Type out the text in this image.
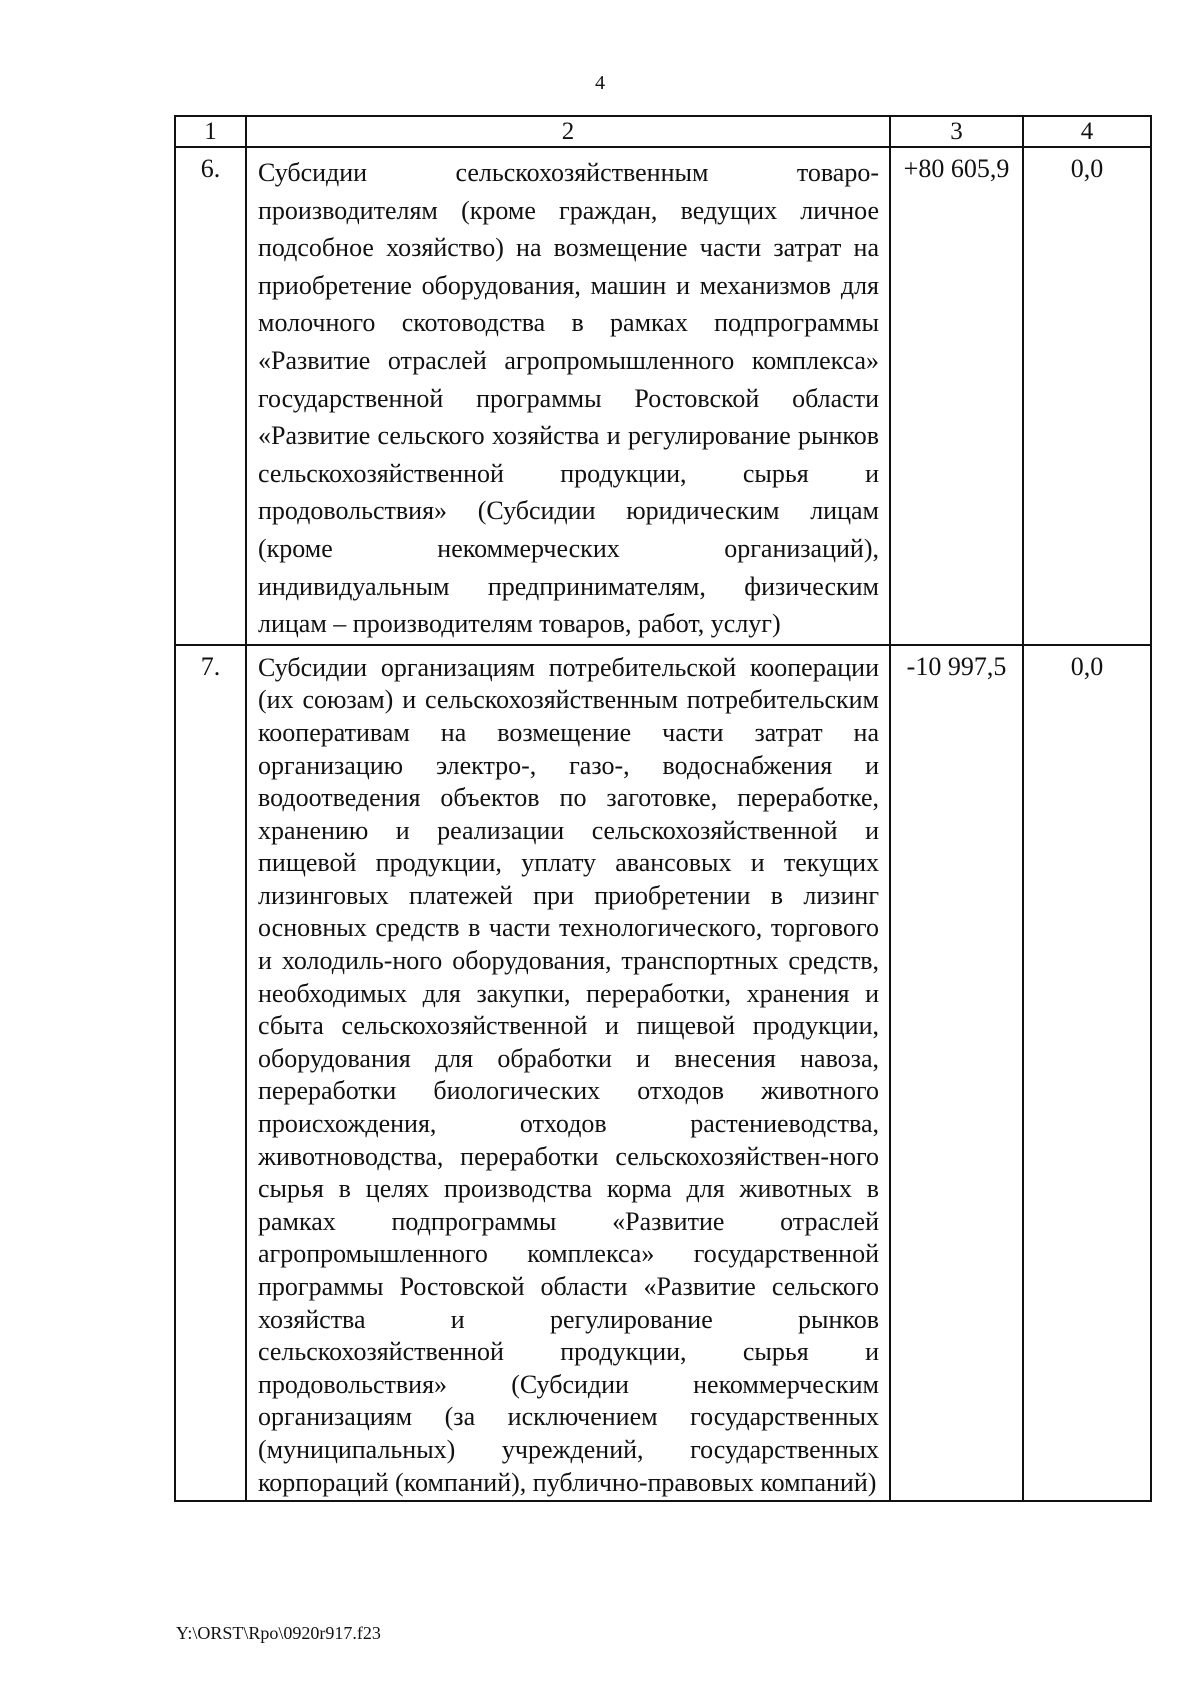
4
1	2	3	4
6.	Субсидии сельскохозяйственным товаро-производителям (кроме граждан, ведущих личное подсобное хозяйство) на возмещение части затрат на приобретение оборудования, машин и механизмов для молочного скотоводства в рамках подпрограммы «Развитие отраслей агропромышленного комплекса» государственной программы Ростовской области «Развитие сельского хозяйства и регулирование рынков сельскохозяйственной продукции, сырья и продовольствия» (Субсидии юридическим лицам (кроме некоммерческих организаций), индивидуальным предпринимателям, физическим лицам – производителям товаров, работ, услуг)	+80 605,9	0,0
7.	Субсидии организациям потребительской кооперации (их союзам) и сельскохозяйственным потребительским кооперативам на возмещение части затрат на организацию электро-, газо-, водоснабжения и водоотведения объектов по заготовке, переработке, хранению и реализации сельскохозяйственной и пищевой продукции, уплату авансовых и текущих лизинговых платежей при приобретении в лизинг основных средств в части технологического, торгового и холодиль-ного оборудования, транспортных средств, необходимых для закупки, переработки, хранения и сбыта сельскохозяйственной и пищевой продукции, оборудования для обработки и внесения навоза, переработки биологических отходов животного происхождения, отходов растениеводства, животноводства, переработки сельскохозяйствен-ного сырья в целях производства корма для животных в рамках подпрограммы «Развитие отраслей агропромышленного комплекса» государственной программы Ростовской области «Развитие сельского хозяйства и регулирование рынков сельскохозяйственной продукции, сырья и продовольствия» (Субсидии некоммерческим организациям (за исключением государственных (муниципальных) учреждений, государственных корпораций (компаний), публично-правовых компаний)	-10 997,5	0,0
Y:\ORST\Rpo\0920r917.f23
